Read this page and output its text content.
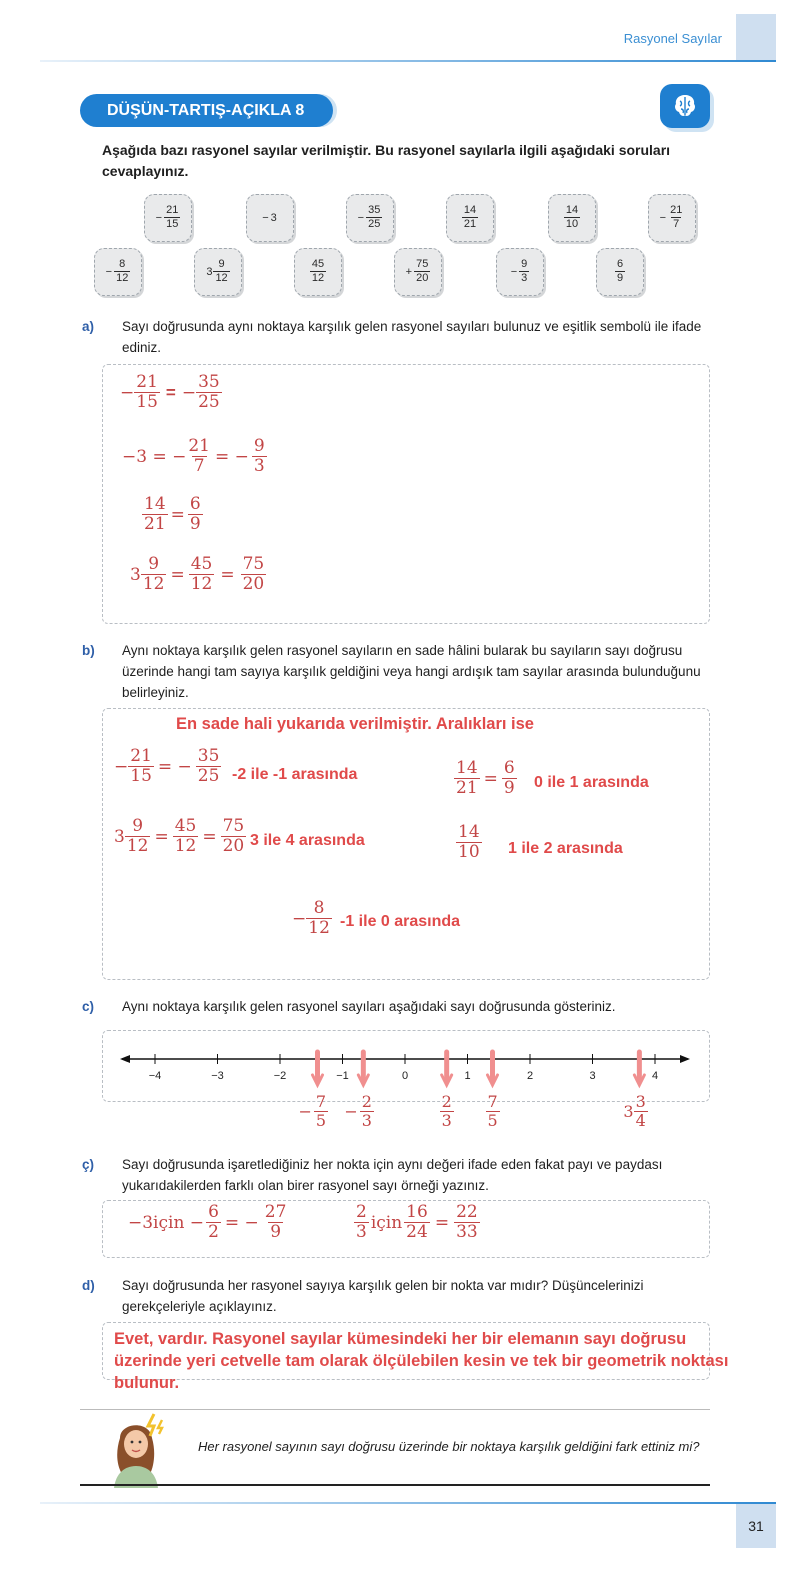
Rasyonel Sayılar
DÜŞÜN-TARTIŞ-AÇIKLA 8
Aşağıda bazı rasyonel sayılar verilmiştir. Bu rasyonel sayılarla ilgili aşağıdaki soruları cevaplayınız.
− $\frac{21}{15}$	− 3	− $\frac{35}{25}$	$\frac{14}{21}$	$\frac{14}{10}$	− $\frac{21}{7}$
− $\frac{8}{12}$	$3 \frac{9}{12}$	$\frac{45}{12}$	+ $\frac{75}{20}$	− $\frac{9}{3}$	$\frac{6}{9}$
a) Sayı doğrusunda aynı noktaya karşılık gelen rasyonel sayıları bulunuz ve eşitlik sembolü ile ifade ediniz.
− $\frac{21}{15}$ = − $\frac{35}{25}$
−3 = − $\frac{21}{7}$ = − $\frac{9}{3}$
$\frac{14}{21} = \frac{6}{9}$
$3 \frac{9}{12} = \frac{45}{12} = \frac{75}{20}$
b) Aynı noktaya karşılık gelen rasyonel sayıların en sade hâlini bularak bu sayıların sayı doğrusu üzerinde hangi tam sayıya karşılık geldiğini veya hangi ardışık tam sayılar arasında bulunduğunu belirleyiniz.
En sade hali yukarıda verilmiştir. Aralıkları ise
− $\frac{21}{15}$ = − $\frac{35}{25} -2$ ile -1 arasında	$\frac{14}{21} = \frac{6}{9} 0$ ile 1 arasında
$3 \frac{9}{12} = \frac{45}{12} = \frac{75}{20} 3$ ile 4 arasında	$\frac{14}{10} 1$ ile 2 arasında
− $\frac{8}{12} -1$ ile 0 arasında
c) Aynı noktaya karşılık gelen rasyonel sayıları aşağıdaki sayı doğrusunda gösteriniz.
−4	−3	−2	−1	0	1	2	3	4
− $\frac{7}{5} - \frac{2}{3}$	$\frac{2}{3} \frac{7}{5}$	$3 \frac{3}{4}$
ç) Sayı doğrusunda işaretlediğiniz her nokta için aynı değeri ifade eden fakat payı ve paydası yukarıdakilerden farklı olan birer rasyonel sayı örneği yazınız.
−3için − $\frac{6}{2}$ = − $\frac{27}{9}$	$\frac{2}{3}$ için $\frac{16}{24} = \frac{22}{33}$
d) Sayı doğrusunda her rasyonel sayıya karşılık gelen bir nokta var mıdır? Düşüncelerinizi gerekçeleriyle açıklayınız.
Evet, vardır. Rasyonel sayılar kümesindeki her bir elemanın sayı doğrusu üzerinde yeri cetvelle tam olarak ölçülebilen kesin ve tek bir geometrik noktası bulunur.
Her rasyonel sayının sayı doğrusu üzerinde bir noktaya karşılık geldiğini fark ettiniz mi?
31
